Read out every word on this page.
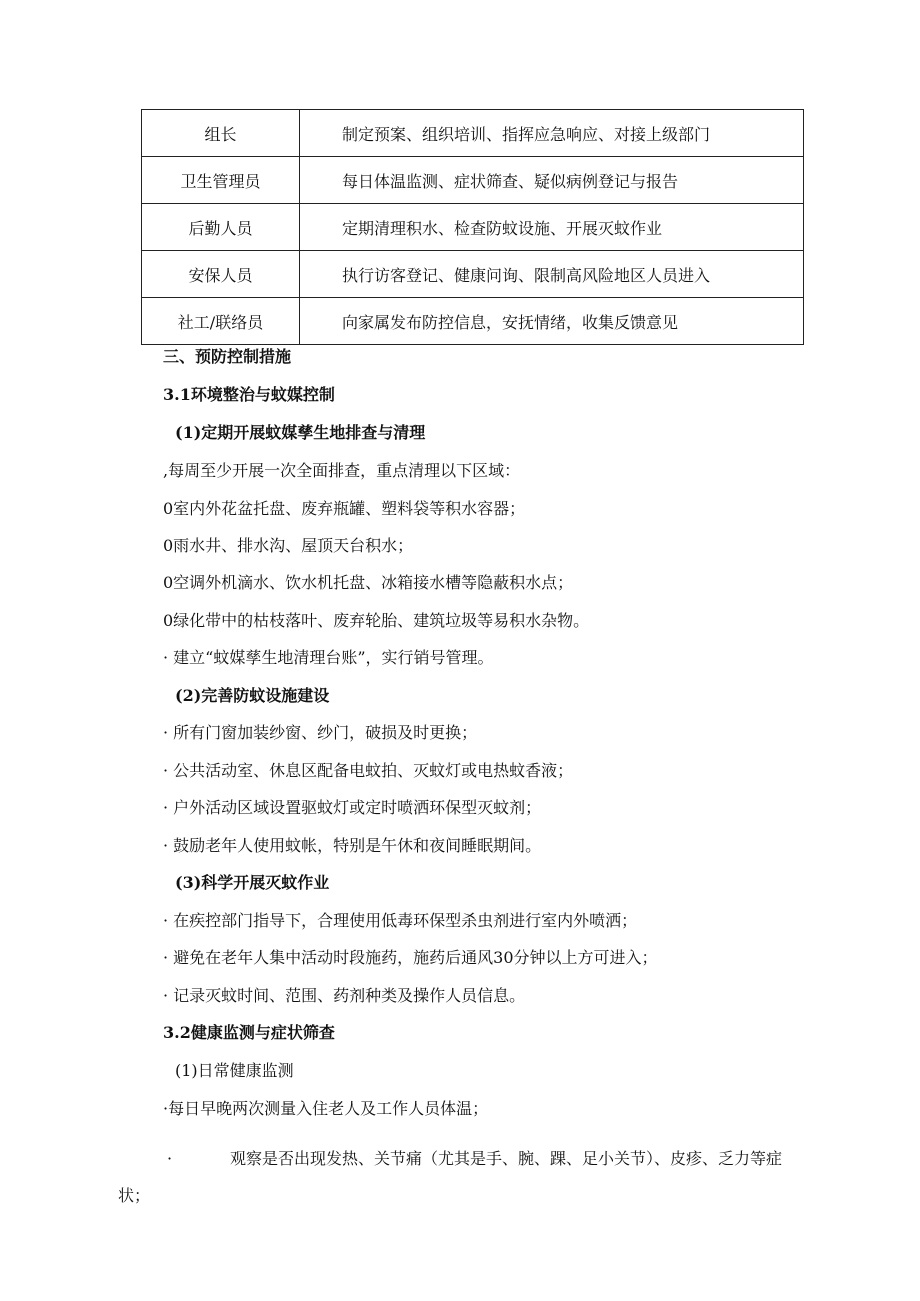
组长	制定预案、组织培训、指挥应急响应、对接上级部门
卫生管理员	每日体温监测、症状筛查、疑似病例登记与报告
后勤人员	定期清理积水、检查防蚊设施、开展灭蚊作业
安保人员	执行访客登记、健康问询、限制高风险地区人员进入
社工/联络员	向家属发布防控信息，安抚情绪，收集反馈意见
三、预防控制措施
3.1环境整治与蚊媒控制
(1)定期开展蚊媒孳生地排查与清理
,每周至少开展一次全面排查，重点清理以下区域：
0室内外花盆托盘、废弃瓶罐、塑料袋等积水容器；
0雨水井、排水沟、屋顶天台积水；
0空调外机滴水、饮水机托盘、冰箱接水槽等隐蔽积水点；
0绿化带中的枯枝落叶、废弃轮胎、建筑垃圾等易积水杂物。
· 建立“蚊媒孳生地清理台账”，实行销号管理。
(2)完善防蚊设施建设
· 所有门窗加装纱窗、纱门，破损及时更换；
· 公共活动室、休息区配备电蚊拍、灭蚊灯或电热蚊香液；
· 户外活动区域设置驱蚊灯或定时喷洒环保型灭蚊剂；
· 鼓励老年人使用蚊帐，特别是午休和夜间睡眠期间。
(3)科学开展灭蚊作业
· 在疾控部门指导下，合理使用低毒环保型杀虫剂进行室内外喷洒；
· 避免在老年人集中活动时段施药，施药后通风30分钟以上方可进入；
· 记录灭蚊时间、范围、药剂种类及操作人员信息。
3.2健康监测与症状筛查
(1)日常健康监测
·每日早晚两次测量入住老人及工作人员体温；
·	观察是否出现发热、关节痛（尤其是手、腕、踝、足小关节）、皮疹、乏力等症
状；
